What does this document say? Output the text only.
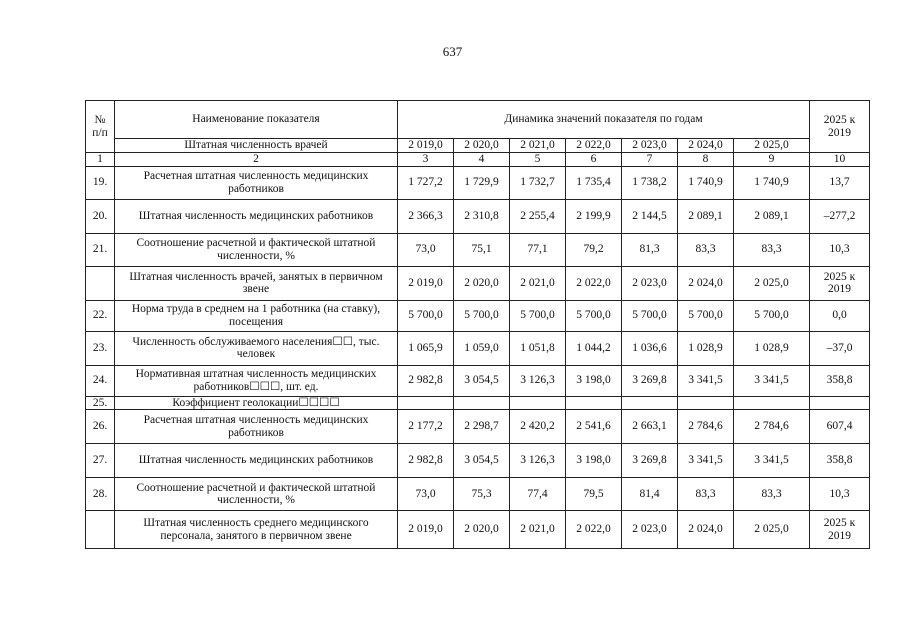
637
№ п/п	Наименование показателя	Динамика значений показателя по годам							2025 к 2019
	Штатная численность врачей	2 019,0	2 020,0	2 021,0	2 022,0	2 023,0	2 024,0	2 025,0	
1	2	3	4	5	6	7	8	9	10
19.	Расчетная штатная численность медицинских работников	1 727,2	1 729,9	1 732,7	1 735,4	1 738,2	1 740,9	1 740,9	13,7
20.	Штатная численность медицинских работников	2 366,3	2 310,8	2 255,4	2 199,9	2 144,5	2 089,1	2 089,1	–277,2
21.	Соотношение расчетной и фактической штатной численности, %	73,0	75,1	77,1	79,2	81,3	83,3	83,3	10,3
	Штатная численность врачей, занятых в первичном звене	2 019,0	2 020,0	2 021,0	2 022,0	2 023,0	2 024,0	2 025,0	2025 к 2019
22.	Норма труда в среднем на 1 работника (на ставку), посещения	5 700,0	5 700,0	5 700,0	5 700,0	5 700,0	5 700,0	5 700,0	0,0
23.	Численность обслуживаемого населения☐☐, тыс. человек	1 065,9	1 059,0	1 051,8	1 044,2	1 036,6	1 028,9	1 028,9	–37,0
24.	Нормативная штатная численность медицинских работников☐☐☐, шт. ед.	2 982,8	3 054,5	3 126,3	3 198,0	3 269,8	3 341,5	3 341,5	358,8
25.	Коэффициент геолокации☐☐☐☐								
26.	Расчетная штатная численность медицинских работников	2 177,2	2 298,7	2 420,2	2 541,6	2 663,1	2 784,6	2 784,6	607,4
27.	Штатная численность медицинских работников	2 982,8	3 054,5	3 126,3	3 198,0	3 269,8	3 341,5	3 341,5	358,8
28.	Соотношение расчетной и фактической штатной численности, %	73,0	75,3	77,4	79,5	81,4	83,3	83,3	10,3
	Штатная численность среднего медицинского персонала, занятого в первичном звене	2 019,0	2 020,0	2 021,0	2 022,0	2 023,0	2 024,0	2 025,0	2025 к 2019
